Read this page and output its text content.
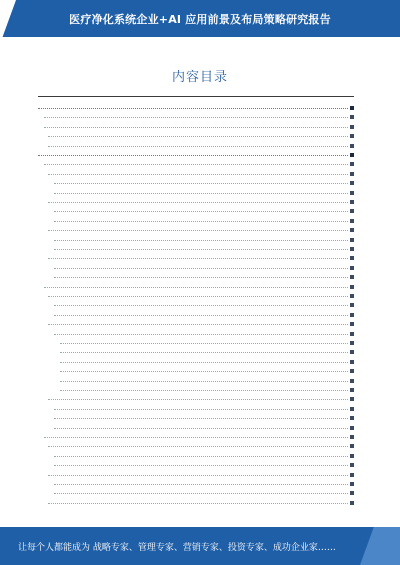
医疗净化系统企业+AI 应用前景及布局策略研究报告
内容目录
让每个人都能成为 战略专家、管理专家、营销专家、投资专家、成功企业家……
